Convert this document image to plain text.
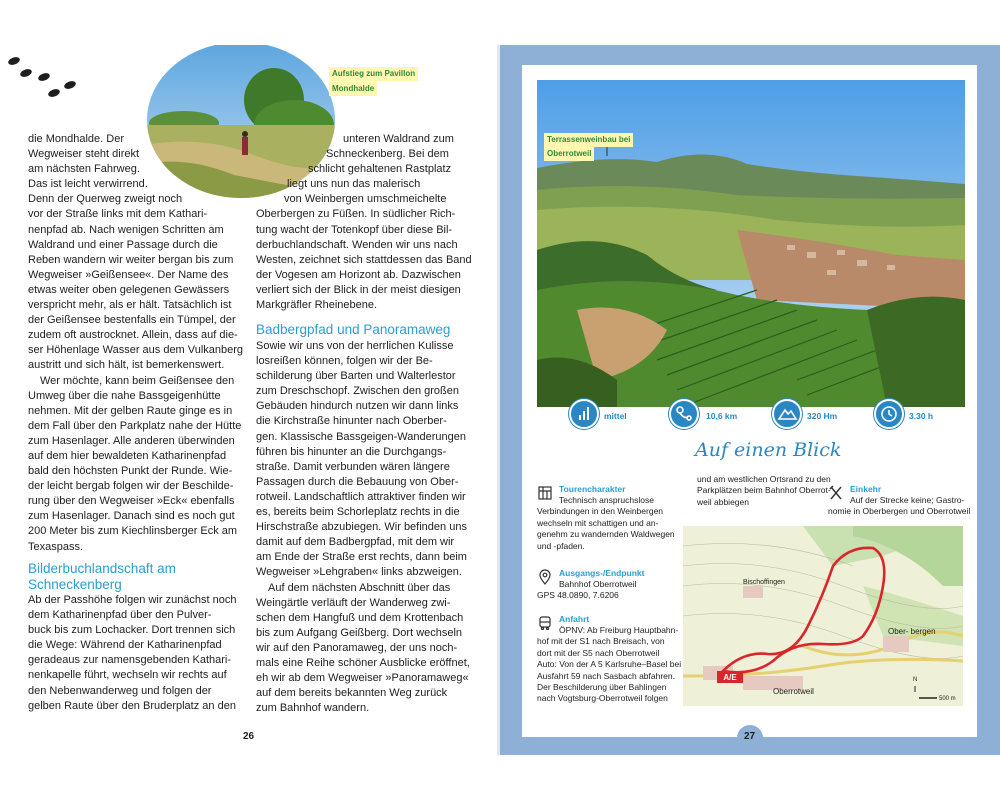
Aufstieg zum Pavillon
Mondhalde

die Mondhalde. Der

Wegweiser steht direkt

am nächsten Fahrweg.

Das ist leicht verwirrend.

Denn der Querweg zweigt noch

vor der Straße links mit dem Kathari-

nenpfad ab. Nach wenigen Schritten am

Waldrand und einer Passage durch die

Reben wandern wir weiter bergan bis zum

Wegweiser »Geißensee«. Der Name des

etwas weiter oben gelegenen Gewässers

verspricht mehr, als er hält. Tatsächlich ist

der Geißensee bestenfalls ein Tümpel, der

zudem oft austrocknet. Allein, dass auf die-

ser Höhenlage Wasser aus dem Vulkanberg

austritt und sich hält, ist bemerkenswert.

Wer möchte, kann beim Geißensee den

Umweg über die nahe Bassgeigenhütte

nehmen. Mit der gelben Raute ginge es in

dem Fall über den Parkplatz nahe der Hütte

zum Hasenlager. Alle anderen überwinden

auf dem hier bewaldeten Katharinenpfad

bald den höchsten Punkt der Runde. Wie-

der leicht bergab folgen wir der Beschilde-

rung über den Wegweiser »Eck« ebenfalls

zum Hasenlager. Danach sind es noch gut

200 Meter bis zum Kiechlinsberger Eck am

Texaspass.

Bilderbuchlandschaft am
Schneckenberg

Ab der Passhöhe folgen wir zunächst noch

dem Katharinenpfad über den Pulver-

buck bis zum Lochacker. Dort trennen sich

die Wege: Während der Katharinenpfad

geradeaus zur namensgebenden Kathari-

nenkapelle führt, wechseln wir rechts auf

den Nebenwanderweg und folgen der

gelben Raute über den Bruderplatz an den

unteren Waldrand zum

Schneckenberg. Bei dem

schlicht gehaltenen Rastplatz

liegt uns nun das malerisch

von Weinbergen umschmeichelte

Oberbergen zu Füßen. In südlicher Rich-

tung wacht der Totenkopf über diese Bil-

derbuchlandschaft. Wenden wir uns nach

Westen, zeichnet sich stattdessen das Band

der Vogesen am Horizont ab. Dazwischen

verliert sich der Blick in der meist diesigen

Markgräfler Rheinebene.

Badbergpfad und Panoramaweg

Sowie wir uns von der herrlichen Kulisse

losreißen können, folgen wir der Be-

schilderung über Barten und Walterlestor

zum Dreschschopf. Zwischen den großen

Gebäuden hindurch nutzen wir dann links

die Kirchstraße hinunter nach Oberber-

gen. Klassische Bassgeigen-Wanderungen

führen bis hinunter an die Durchgangs-

straße. Damit verbunden wären längere

Passagen durch die Bebauung von Ober-

rotweil. Landschaftlich attraktiver finden wir

es, bereits beim Schorleplatz rechts in die

Hirschstraße abzubiegen. Wir befinden uns

damit auf dem Badbergpfad, mit dem wir

am Ende der Straße erst rechts, dann beim

Wegweiser »Lehgraben« links abzweigen.

Auf dem nächsten Abschnitt über das

Weingärtle verläuft der Wanderweg zwi-

schen dem Hangfuß und dem Krottenbach

bis zum Aufgang Geißberg. Dort wechseln

wir auf den Panoramaweg, der uns noch-

mals eine Reihe schöner Ausblicke eröffnet,

eh wir ab dem Wegweiser »Panoramaweg«

auf dem bereits bekannten Weg zurück

zum Bahnhof wandern.

26
Terrassenweinbau bei
Oberrotweil
mittel	10,6 km	320 Hm	3.30 h
Auf einen Blick
Tourencharakter
Technisch anspruchslose
Verbindungen in den Weinbergen
wechseln mit schattigen und an-
genehm zu wandernden Waldwegen
und -pfaden.
Ausgangs-/Endpunkt
Bahnhof Oberrotweil
GPS 48.0890, 7.6206
Anfahrt
ÖPNV: Ab Freiburg Hauptbahn-
hof mit der S1 nach Breisach, von
dort mit der S5 nach Oberrotweil
Auto: Von der A 5 Karlsruhe–Basel bei
Ausfahrt 59 nach Sasbach abfahren.
Der Beschilderung über Bahlingen
nach Vogtsburg-Oberrotweil folgen
und am westlichen Ortsrand zu den
Parkplätzen beim Bahnhof Oberrot-
weil abbiegen
Einkehr
Auf der Strecke keine; Gastro-
nomie in Oberbergen und Oberrotweil
A/E
Oberrotweil
Bischoffingen
Ober- bergen
500 m
N
27
